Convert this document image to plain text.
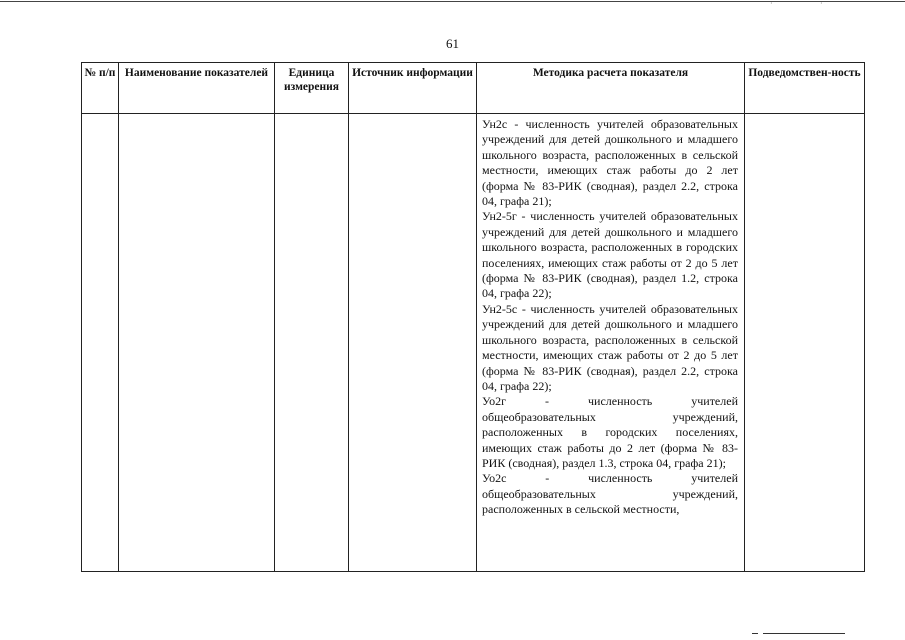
·	·
61
№ п/п	Наименование показателей	Единица измерения	Источник информации	Методика расчета показателя	Подведомствен-ность

				Ун2с - численность учителей образовательных учреждений для детей дошкольного и младшего школьного возраста, расположенных в сельской местности, имеющих стаж работы до 2 лет (форма № 83-РИК (сводная), раздел 2.2, строка 04, графа 21);
Ун2-5г - численность учителей образовательных учреждений для детей дошкольного и младшего школьного возраста, расположенных в городских поселениях, имеющих стаж работы от 2 до 5 лет (форма № 83-РИК (сводная), раздел 1.2, строка 04, графа 22);
Ун2-5с - численность учителей образовательных учреждений для детей дошкольного и младшего школьного возраста, расположенных в сельской местности, имеющих стаж работы от 2 до 5 лет (форма № 83-РИК (сводная), раздел 2.2, строка 04, графа 22);
Уо2г - численность учителей общеобразовательных учреждений, расположенных в городских поселениях, имеющих стаж работы до 2 лет (форма № 83-РИК (сводная), раздел 1.3, строка 04, графа 21);
Уо2с - численность учителей общеобразовательных учреждений, расположенных в сельской местности,	
